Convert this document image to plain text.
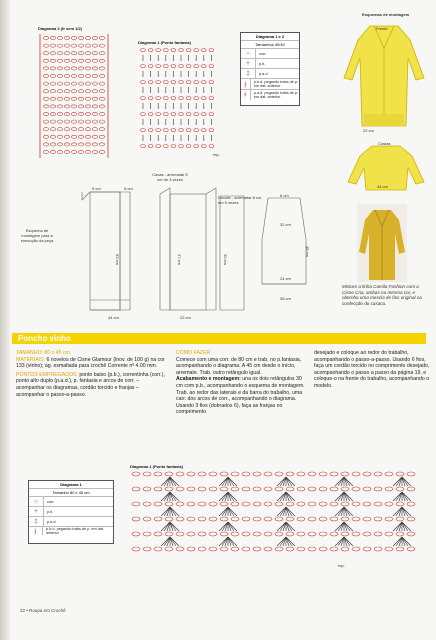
Diagrama 2 (fr sem 1/2)
Diagrama 1 (Ponto fantasia)
rep.
Diagrama 1 e 2
Tamanhos 40/42
○	corr.
+	p.b.
‡	p.a.d.
∤	p.b.d. pegando trabs de p. em dat. anterior
⫲	p.a.d. pegando trabs de p. em dat. anterior
Esquemas de montagem
Frente
22 cm
Costas
44 cm
Misture a linha Camila Fashion com a Cisne Cria, ambas na mesma cor, e obtenha uma mescla de fios original na confecção do casaco.
Cavas - arrematar 5 cm de 3 vezes
Decote - arrematar 8 cm, em 5 vezes
Esquema de montagem para a execução da peça
9 cm	5 cm
63 cm	37 cm	30 cm
44 cm	22 cm
6 cm
32 cm
24 cm
48 cm
36 cm
Poncho vinho
TAMANHO: 80 x 45 cm
MATERIAIS: 6 novelos de Cisne Glamour (lnov. de 100 g) na cor 133 (vinho); ag. esmaltada para crochê Corrente nº 4.00 mm.
PONTOS EMPREGADOS: ponto baixo (p.b.), correntinha (corr.), ponto alto duplo (p.a.d.), p. fantasia e arcos de corr. – acompanhar os diagramas, cordão torcido e franjas – acompanhar o passo-a-passo.
COMO FAZER
Comece com uma corr. de 80 cm e trab. no p.fantasia, acompanhando o diagrama. A 45 cm desde o início, arremate. Trab. outro retângulo igual.
Acabamento e montagem: una os dois retângulos 30 cm com p.b., acompanhando o esquema de montagem. Trab. ao redor das laterais e da barra do trabalho, uma carr. dos arcos de corr., acompanhando o diagrama. Usando 3 fios (dobrados 6), faça as franjas no comprimento
desejado e coloque ao redor do trabalho, acompanhando o passo-a-passo. Usando 6 fios, faça um cordão torcido no comprimento desejado, acompanhando o passo a passo da página 19, e coloque-o na frente do trabalho, acompanhando o modelo.
Diagrama 1
Tamanho 80 x 45 cm
○	corr.
+	p.b.
‡	p.a.d.
∤	p.b.d. pegando trabs de p. em dat. anterior
Diagrama 1 (Ponto fantasia)
rep.
22 • Roupa em Crochê
